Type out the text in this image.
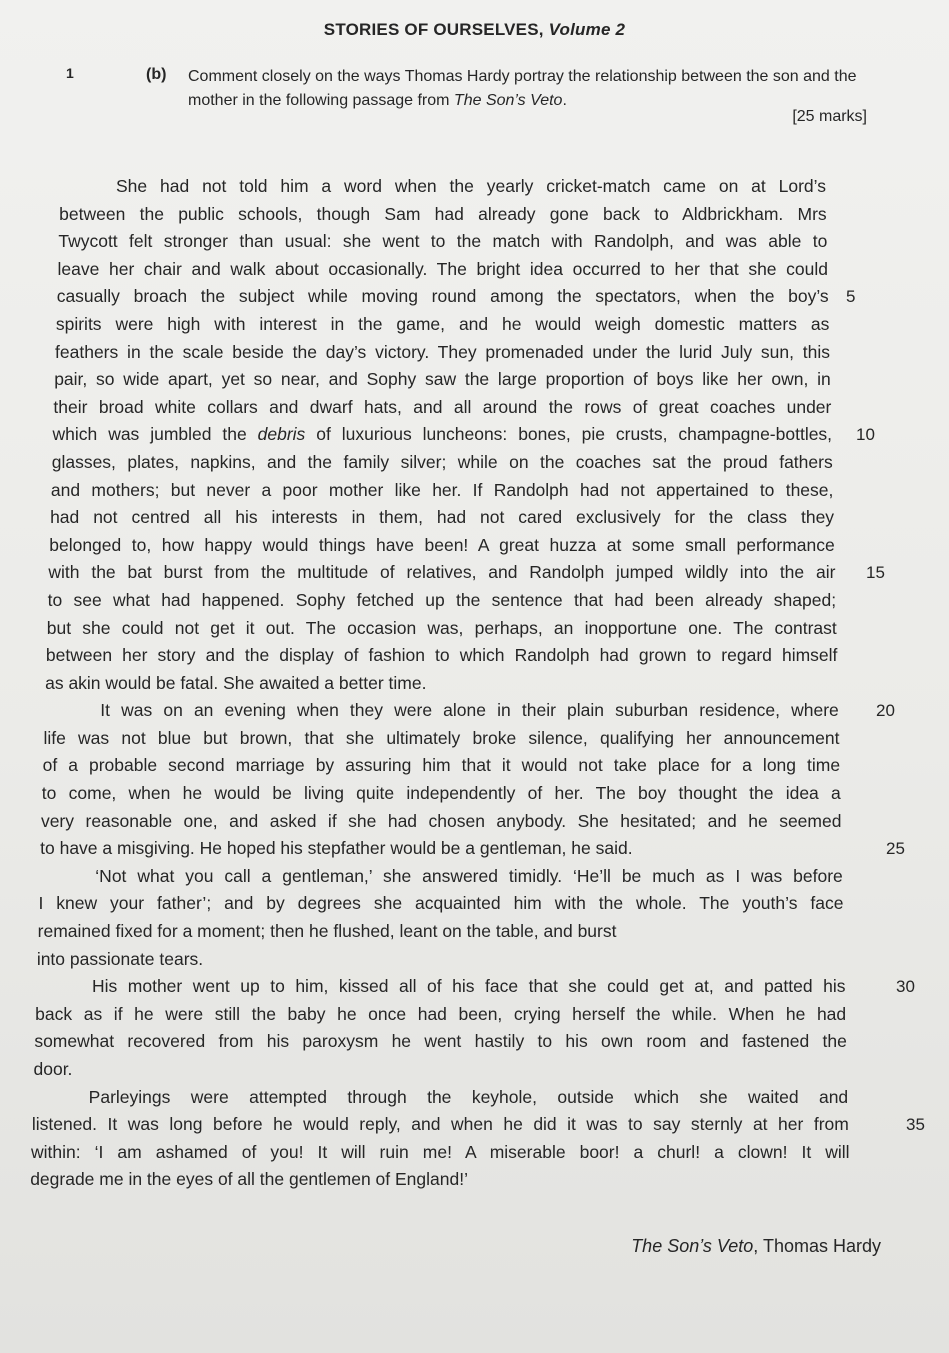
STORIES OF OURSELVES, Volume 2
1	(b) Comment closely on the ways Thomas Hardy portray the relationship between the son and the mother in the following passage from The Son’s Veto.
[25 marks]
She had not told him a word when the yearly cricket-match came on at Lord’s
between the public schools, though Sam had already gone back to Aldbrickham. Mrs
Twycott felt stronger than usual: she went to the match with Randolph, and was able to
leave her chair and walk about occasionally. The bright idea occurred to her that she could
casually broach the subject while moving round among the spectators, when the boy’s 5
spirits were high with interest in the game, and he would weigh domestic matters as
feathers in the scale beside the day’s victory. They promenaded under the lurid July sun, this
pair, so wide apart, yet so near, and Sophy saw the large proportion of boys like her own, in
their broad white collars and dwarf hats, and all around the rows of great coaches under
which was jumbled the debris of luxurious luncheons: bones, pie crusts, champagne-bottles, 10
glasses, plates, napkins, and the family silver; while on the coaches sat the proud fathers
and mothers; but never a poor mother like her. If Randolph had not appertained to these,
had not centred all his interests in them, had not cared exclusively for the class they
belonged to, how happy would things have been! A great huzza at some small performance
with the bat burst from the multitude of relatives, and Randolph jumped wildly into the air 15
to see what had happened. Sophy fetched up the sentence that had been already shaped;
but she could not get it out. The occasion was, perhaps, an inopportune one. The contrast
between her story and the display of fashion to which Randolph had grown to regard himself
as akin would be fatal. She awaited a better time.
It was on an evening when they were alone in their plain suburban residence, where 20
life was not blue but brown, that she ultimately broke silence, qualifying her announcement
of a probable second marriage by assuring him that it would not take place for a long time
to come, when he would be living quite independently of her. The boy thought the idea a
very reasonable one, and asked if she had chosen anybody. She hesitated; and he seemed
to have a misgiving. He hoped his stepfather would be a gentleman, he said.	25
‘Not what you call a gentleman,’ she answered timidly. ‘He’ll be much as I was before
I knew your father’; and by degrees she acquainted him with the whole. The youth’s face
remained fixed for a moment; then he flushed, leant on the table, and burst
into passionate tears.
His mother went up to him, kissed all of his face that she could get at, and patted his	30
back as if he were still the baby he once had been, crying herself the while. When he had
somewhat recovered from his paroxysm he went hastily to his own room and fastened the
door.
Parleyings were attempted through the keyhole, outside which she waited and
listened. It was long before he would reply, and when he did it was to say sternly at her from	35
within: ‘I am ashamed of you! It will ruin me! A miserable boor! a churl! a clown! It will
degrade me in the eyes of all the gentlemen of England!’
The Son’s Veto, Thomas Hardy
